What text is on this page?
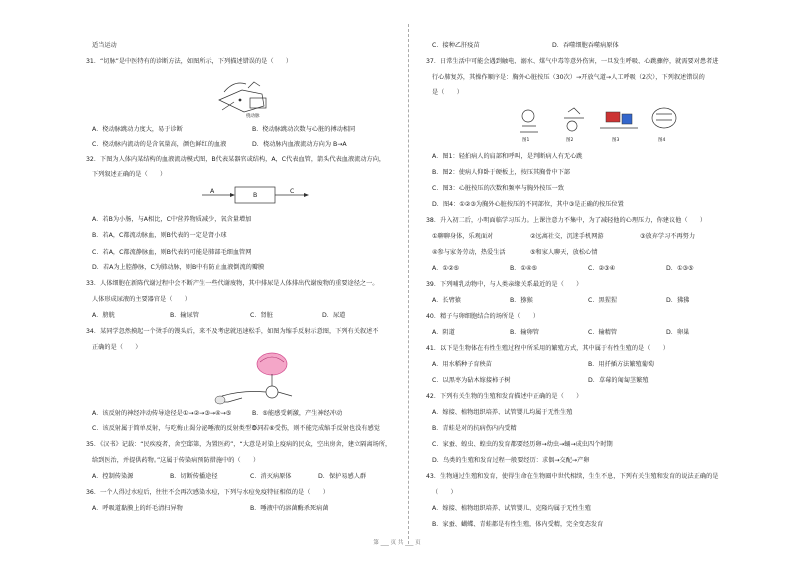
适当运动
31．“切脉”是中医特有的诊断方法，如图所示，下列描述错误的是（　　）
桡动脉
A．桡动脉跳动力度大，易于诊断	B．桡动脉跳动次数与心脏的搏动相同
C．桡动脉内流动的是含氧量高，颜色鲜红的血液	D．桡动脉内血液流动方向为 B→A
32．下图为人体内某结构的血液流动模式图，B代表某器官或结构，A，C代表血管，箭头代表血液流动方向，
下列叙述正确的是（　　）
A
B
C
A．若B为小肠，与A相比，C中营养物质减少，氧含量增加
B．若A，C都流动脉血，则B代表的一定是肾小球
C．若A，C都流静脉血，则B代表的可能是肺部毛细血管网
D．若A为上腔静脉，C为肺动脉，则B中有防止血液倒流的瓣膜
33．人体细胞在新陈代谢过程中会不断产生一些代谢废物，其中排尿是人体排出代谢废物的重要途径之一。
人体形成尿液的主要器官是（　　）
A．膀胱	B．输尿管	C．肾脏	D．尿道
34．某同学忽然摸起一个烫手的馒头后，来不及考虑就迅速松手，如图为缩手反射示意图，下列有关叙述不
正确的是（　　）
A．该反射的神经冲动传导途径是①→②→③→④→⑤	B．⑤能感受刺激，产生神经冲动
C．该反射属于简单反射，与吃梅止渴分泌唾液的反射类型不同
D．若⑥受伤，则不能完成缩手反射也没有感觉
35．《汉书》记载：“民疾疫者，舍空邸第，为置医药”，“大意是对染上疫病的民众，空出房舍，建立隔离场所，
给到医治，并提供药物。”这属于传染病预防措施中的（　　）
A．控制传染源	B．切断传播途径	C．消灭病原体	D．保护易感人群
36．一个人得过水痘后，往往不会再次感染水痘，下列与水痘免疫特征相似的是（　　）
A．呼吸道黏膜上的纤毛清扫异物	B．唾液中的溶菌酶杀死病菌
C．接种乙肝疫苗	D．吞噬细胞吞噬病原体
37．日常生活中可能会遇到触电、溺水、煤气中毒等意外伤害，一旦发生呼吸、心跳骤停，就需要对患者进
行心肺复苏，其操作顺序是：胸外心脏按压（30次）→开放气道→人工呼吸（2次），下列叙述错误的
是（　　）
图1	图2	图3	图4
A．图1：轻拍病人的肩部和呼叫，是判断病人有无心跳
B．图2：使病人仰卧于硬板上，按压其胸骨中下部
C．图3：心脏按压的次数和频率与胸外按压一致
D．图4：①②③为胸外心脏按压的不同部位，其中③是正确的按压位置
38．升入初二后，小明面临学习压力。上课注意力不集中，为了减轻他的心理压力，你建议他（　　）
①聊聊身体，乐观面对	②远离社交，沉迷手机网游	③放弃学习不再努力
④参与家务劳动，热爱生活	⑤和家人聊天，放松心情
A．①②⑤	B．①④⑤	C．②③④	D．①③⑤
39．下列哺乳动物中，与人类亲缘关系最近的是（　　）
A．长臂猿	B．猕猴	C．黑猩猩	D．狒狒
40．精子与卵细胞结合的场所是（　　）
A．阴道	B．输卵管	C．输精管	D．卵巢
41．以下是生物体在有性生殖过程中所采用的繁殖方式，其中属于有性生殖的是（　　）
A．用水稻种子育秧苗	B．用扦插方法繁殖葡萄
C．以黑枣为砧木嫁接柿子树	D．草莓的匍匐茎繁殖
42．下列有关生物的生殖和发育描述中正确的是（　　）
A．嫁接、植物组织培养、试管婴儿均属于无性生殖
B．青蛙是对的抗病伤内内受精
C．家蚕、蝗虫、蝗虫的发育都要经历卵→幼虫→蛹→成虫四个时期
D．鸟类的生殖和发育过程一般要经历：求偶→交配→产卵
43．生物通过生殖和发育，使得生命在生物圈中世代相续，生生不息，下列有关生殖和发育的说法正确的是
（　　）
A．嫁接、植物组织培养、试管婴儿、克隆均属于无性生殖
B．家蚕、蝴蝶、青蛙都是有性生殖，体内受精，完全变态发育
第 ___ 页 共 ___ 页
